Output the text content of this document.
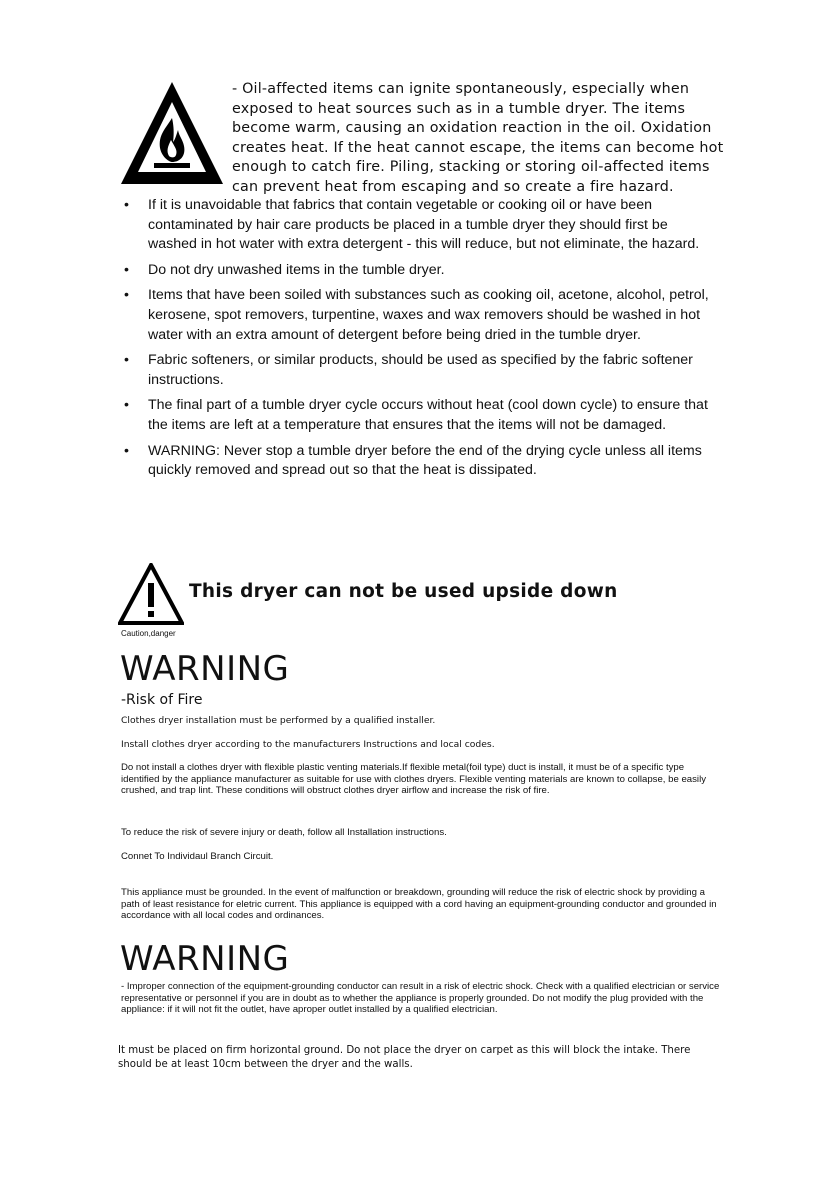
- Oil-affected items can ignite spontaneously, especially when exposed to heat sources such as in a tumble dryer. The items become warm, causing an oxidation reaction in the oil. Oxidation creates heat. If the heat cannot escape, the items can become hot enough to catch fire. Piling, stacking or storing oil-affected items can prevent heat from escaping and so create a fire hazard.

• If it is unavoidable that fabrics that contain vegetable or cooking oil or have been contaminated by hair care products be placed in a tumble dryer they should first be washed in hot water with extra detergent - this will reduce, but not eliminate, the hazard.
• Do not dry unwashed items in the tumble dryer.
• Items that have been soiled with substances such as cooking oil, acetone, alcohol, petrol, kerosene, spot removers, turpentine, waxes and wax removers should be washed in hot water with an extra amount of detergent before being dried in the tumble dryer.
• Fabric softeners, or similar products, should be used as specified by the fabric softener instructions.
• The final part of a tumble dryer cycle occurs without heat (cool down cycle) to ensure that the items are left at a temperature that ensures that the items will not be damaged.
• WARNING: Never stop a tumble dryer before the end of the drying cycle unless all items quickly removed and spread out so that the heat is dissipated.
This dryer can not be used upside down
Caution,danger
WARNING
-Risk of Fire

Clothes dryer installation must be performed by a qualified installer.

Install clothes dryer according to the manufacturers Instructions and local codes.

Do not install a clothes dryer with flexible plastic venting materials.If flexible metal(foil type) duct is install, it must be of a specific type identified by the appliance manufacturer as suitable for use with clothes dryers. Flexible venting materials are known to collapse, be easily crushed, and trap lint. These conditions will obstruct clothes dryer airflow and increase the risk of fire.

To reduce the risk of severe injury or death, follow all Installation instructions.

Connet To Individaul Branch Circuit.

This appliance must be grounded. In the event of malfunction or breakdown, grounding will reduce the risk of electric shock by providing a path of least resistance for eletric current. This appliance is equipped with a cord having an equipment-grounding conductor and grounded in accordance with all local codes and ordinances.

WARNING

- Improper connection of the equipment-grounding conductor can result in a risk of electric shock. Check with a qualified electrician or service representative or personnel if you are in doubt as to whether the appliance is properly grounded. Do not modify the plug provided with the appliance: if it will not fit the outlet, have aproper outlet installed by a qualified electrician.

It must be placed on firm horizontal ground. Do not place the dryer on carpet as this will block the intake. There should be at least 10cm between the dryer and the walls.
